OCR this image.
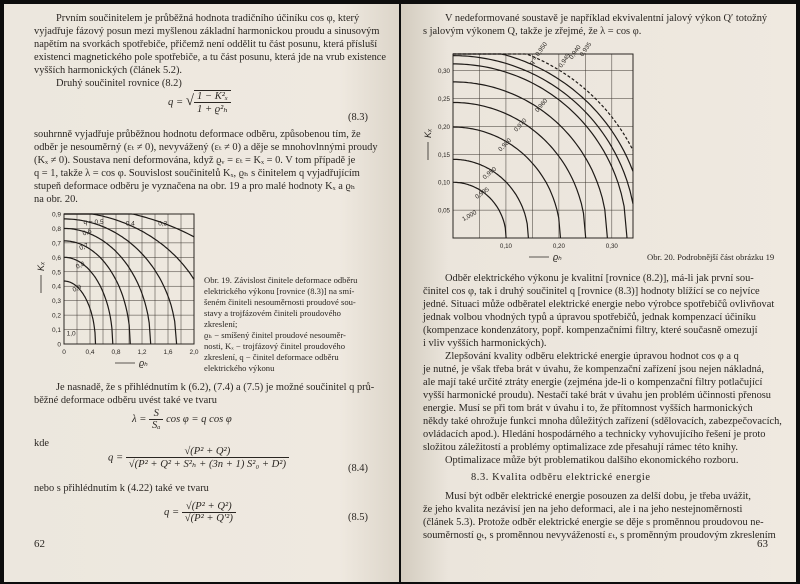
Prvním součinitelem je průběžná hodnota tradičního účiníku cos φ, který
vyjadřuje fázový posun mezi myšlenou základní harmonickou proudu a sinusovým
napětím na svorkách spotřebiče, přičemž není oddělit tu část posunu, která přísluší
existenci magnetického pole spotřebiče, a tu část posunu, která jde na vrub existence
vyšších harmonických (článek 5.2).
Druhý součinitel rovnice (8.2)
q = √ $\frac{\text{1 − K²ₓ}}{\text{1 + ϱ²ₕ}}$
(8.3)
souhrnně vyjadřuje průběžnou hodnotu deformace odběru, způsobenou tím, že
odběr je nesouměrný (εₜ ≠ 0), nevyvážený (εₜ ≠ 0) a děje se mnohovlnnými proudy
(Kₓ ≠ 0). Soustava není deformována, když ϱᵥ = εₜ = Kₓ = 0. V tom případě je
q = 1, takže λ = cos φ. Souvislost součinitelů Kₓ, ϱₕ s činitelem q vyjadřujícím
stupeň deformace odběru je vyznačena na obr. 19 a pro malé hodnoty Kₓ a ϱₕ
na obr. 20.
0,3
0,4
q = 0,5
0,6
0,7
0,8
0,9
1,0
0	0,4	0,8	1,2	1,6	2,0
0
0,1
0,2
0,3
0,4
0,5
0,6
0,7
0,8
0,9
ϱₕ
Kₓ
Obr. 19. Závislost činitele deformace odběru
elektrického výkonu [rovnice (8.3)] na smí-
šeném činiteli nesouměrnosti proudové sou-
stavy a trojfázovém činiteli proudového
zkreslení;
ϱₕ − smíšený činitel proudové nesouměr-
nosti, Kₓ − trojfázový činitel proudového
zkreslení, q − činitel deformace odběru
elektrického výkonu
Je nasnadě, že s přihlédnutím k (6.2), (7.4) a (7.5) je možné součinitel q prů-
běžné deformace odběru uvést také ve tvaru
$\lambda = \frac{S}{\text{Sₐ}}$ cos φ = q cos φ
kde
$q = \frac{\text{√(P² + Q²)}}{\text{√(P² + Q² + S²ₕ + (3n + 1) S²₀ + D²)}}$	(8.4)
nebo s přihlédnutím k (4.22) také ve tvaru
$q = \frac{\text{√(P² + Q²)}}{\text{√(P² + Q′²)}}$	(8.5)
62
V nedeformované soustavě je například ekvivalentní jalový výkon Q′ totožný
s jalovým výkonem Q, takže je zřejmé, že λ = cos φ.
0,935
0,940
0,945
q = 0,950
0,960
0,970
0,980
0,990
0,995
1,000
0,10	0,20	0,30
0,05
0,10
0,15
0,20
0,25
0,30
ϱₕ
Kₓ
Obr. 20. Podrobnější část obrázku 19
Odběr elektrického výkonu je kvalitní [rovnice (8.2)], má-li jak první sou-
činitel cos φ, tak i druhý součinitel q [rovnice (8.3)] hodnoty blížící se co nejvíce
jedné. Situaci může odběratel elektrické energie nebo výrobce spotřebičů ovlivňovat
jednak volbou vhodných typů a úpravou spotřebičů, jednak kompenzací účiníku
(kompenzace kondenzátory, popř. kompenzačními filtry, které současně omezují
i vliv vyšších harmonických).
Zlepšování kvality odběru elektrické energie úpravou hodnot cos φ a q
je nutné, je však třeba brát v úvahu, že kompenzační zařízení jsou nejen nákladná,
ale mají také určité ztráty energie (zejména jde-li o kompenzační filtry potlačující
vyšší harmonické proudu). Nestačí také brát v úvahu jen problém účinnosti přenosu
energie. Musí se při tom brát v úvahu i to, že přítomnost vyšších harmonických
někdy také ohrožuje funkci mnoha důležitých zařízení (sdělovacích, zabezpečovacích,
ovládacích apod.). Hledání hospodárného a technicky vyhovujícího řešení je proto
složitou záležitostí a problémy optimalizace zde přesahují rámec této knihy.
Optimalizace může být problematikou dalšího ekonomického rozboru.
8.3. Kvalita odběru elektrické energie
Musí být odběr elektrické energie posouzen za delší dobu, je třeba uvážit,
že jeho kvalita nezávisí jen na jeho deformaci, ale i na jeho nestejnoměrnosti
(článek 5.3). Protože odběr elektrické energie se děje s proměnnou proudovou ne-
souměrností ϱₜ, s proměnnou nevyvážeností εₜ, s proměnným proudovým zkreslením
63
